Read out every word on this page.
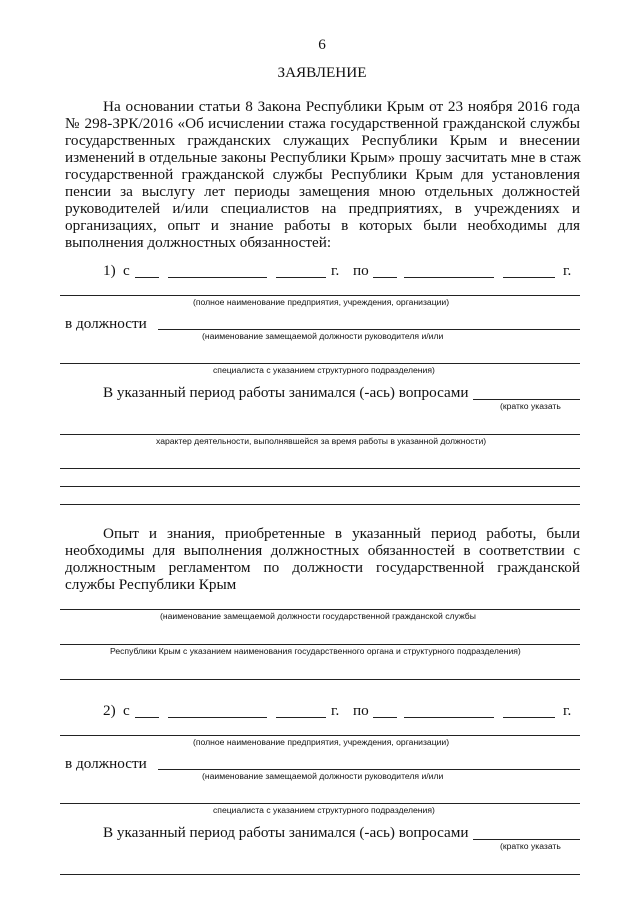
6
ЗАЯВЛЕНИЕ
На основании статьи 8 Закона Республики Крым от 23 ноября 2016 года
№ 298-ЗРК/2016 «Об исчислении стажа государственной гражданской службы
государственных гражданских служащих Республики Крым и внесении
изменений в отдельные законы Республики Крым» прошу засчитать мне в стаж
государственной гражданской службы Республики Крым для установления
пенсии за выслугу лет периоды замещения мною отдельных должностей
руководителей и/или специалистов на предприятиях, в учреждениях и
организациях, опыт и знание работы в которых были необходимы для
выполнения должностных обязанностей:
1) с	г. по	г.
(полное наименование предприятия, учреждения, организации)
в должности
(наименование замещаемой должности руководителя и/или
специалиста с указанием структурного подразделения)
В указанный период работы занимался (-ась) вопросами
(кратко указать
характер деятельности, выполнявшейся за время работы в указанной должности)
Опыт и знания, приобретенные в указанный период работы, были
необходимы для выполнения должностных обязанностей в соответствии с
должностным регламентом по должности государственной гражданской
службы Республики Крым
(наименование замещаемой должности государственной гражданской службы
Республики Крым с указанием наименования государственного органа и структурного подразделения)
2) с	г. по	г.
(полное наименование предприятия, учреждения, организации)
в должности
(наименование замещаемой должности руководителя и/или
специалиста с указанием структурного подразделения)
В указанный период работы занимался (-ась) вопросами
(кратко указать
